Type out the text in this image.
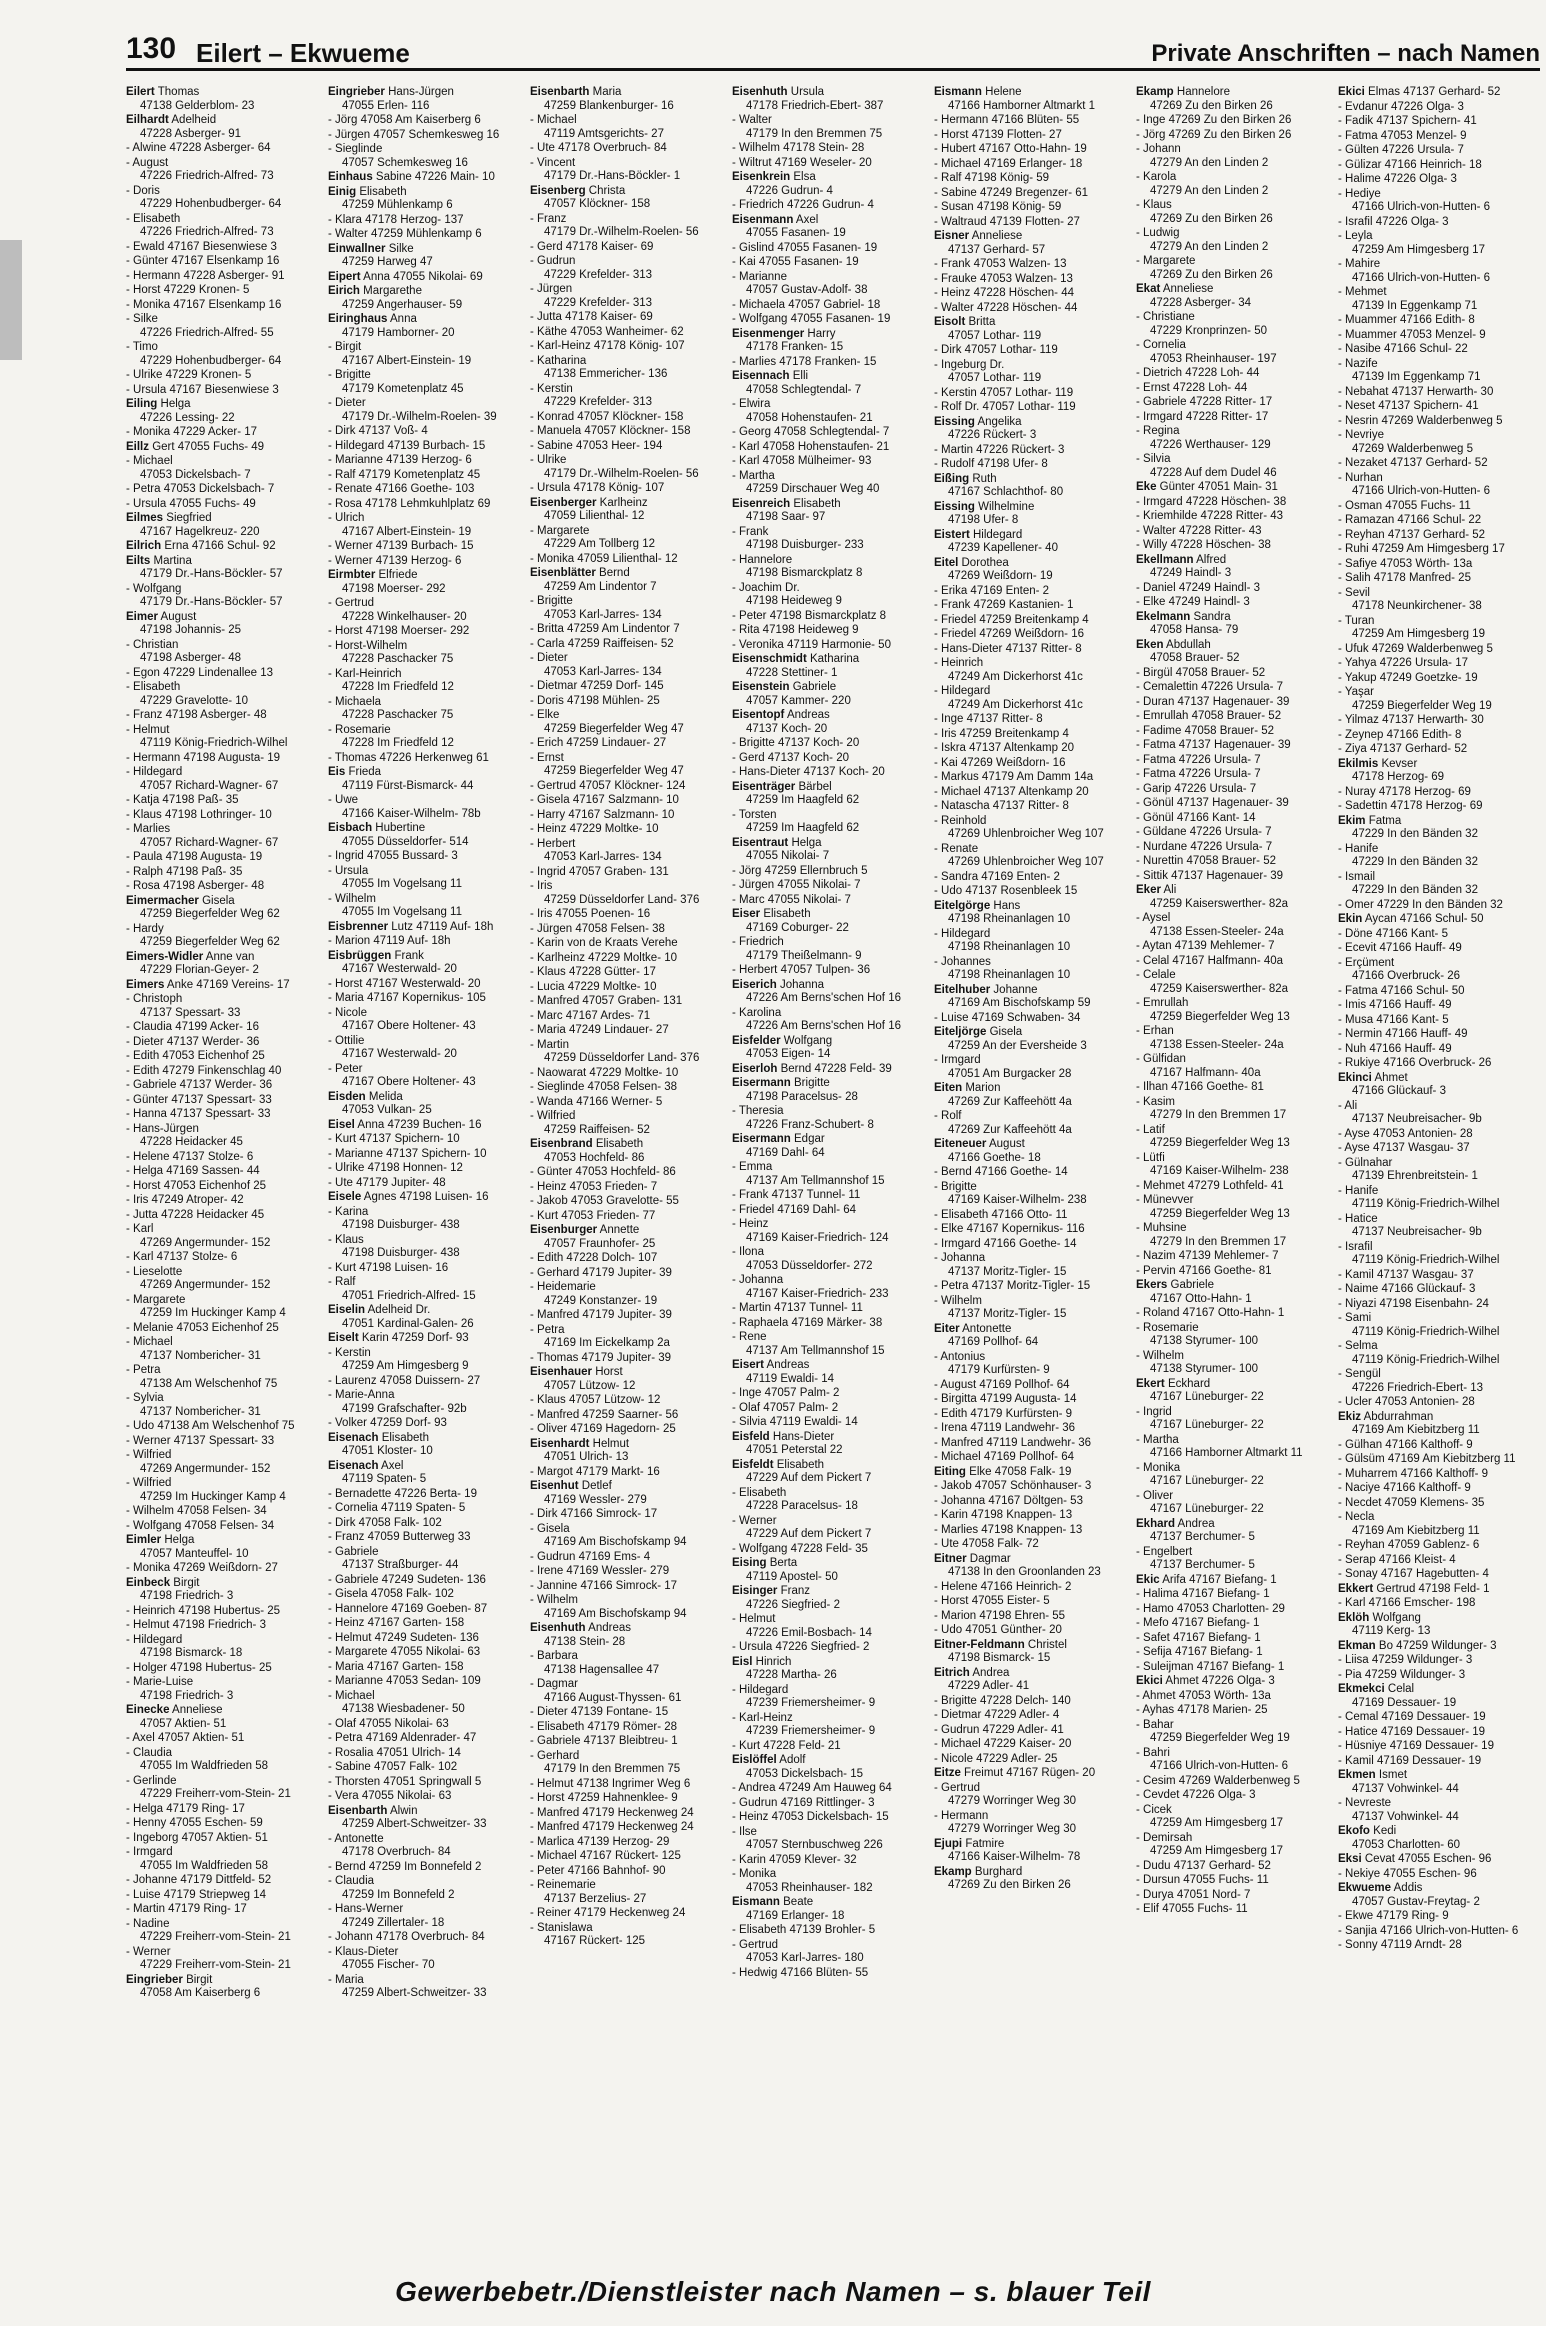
130 Eilert – Ekwueme	Private Anschriften – nach Namen
Eilert Thomas
47138 Gelderblom- 23
Eilhardt Adelheid
47228 Asberger- 91
- Alwine 47228 Asberger- 64
- August
47226 Friedrich-Alfred- 73
- Doris
47229 Hohenbudberger- 64
- Elisabeth
47226 Friedrich-Alfred- 73
- Ewald 47167 Biesenwiese 3
- Günter 47167 Elsenkamp 16
- Hermann 47228 Asberger- 91
- Horst 47229 Kronen- 5
- Monika 47167 Elsenkamp 16
- Silke
47226 Friedrich-Alfred- 55
- Timo
47229 Hohenbudberger- 64
- Ulrike 47229 Kronen- 5
- Ursula 47167 Biesenwiese 3
Eiling Helga
47226 Lessing- 22
- Monika 47229 Acker- 17
Eillz Gert 47055 Fuchs- 49
- Michael
47053 Dickelsbach- 7
- Petra 47053 Dickelsbach- 7
- Ursula 47055 Fuchs- 49
Eilmes Siegfried
47167 Hagelkreuz- 220
Eilrich Erna 47166 Schul- 92
Eilts Martina
47179 Dr.-Hans-Böckler- 57
- Wolfgang
47179 Dr.-Hans-Böckler- 57
Eimer August
47198 Johannis- 25
- Christian
47198 Asberger- 48
- Egon 47229 Lindenallee 13
- Elisabeth
47229 Gravelotte- 10
- Franz 47198 Asberger- 48
- Helmut
47119 König-Friedrich-Wilhel
- Hermann 47198 Augusta- 19
- Hildegard
47057 Richard-Wagner- 67
- Katja 47198 Paß- 35
- Klaus 47198 Lothringer- 10
- Marlies
47057 Richard-Wagner- 67
- Paula 47198 Augusta- 19
- Ralph 47198 Paß- 35
- Rosa 47198 Asberger- 48
Eimermacher Gisela
47259 Biegerfelder Weg 62
- Hardy
47259 Biegerfelder Weg 62
Eimers-Widler Anne van
47229 Florian-Geyer- 2
Eimers Anke 47169 Vereins- 17
- Christoph
47137 Spessart- 33
- Claudia 47199 Acker- 16
- Dieter 47137 Werder- 36
- Edith 47053 Eichenhof 25
- Edith 47279 Finkenschlag 40
- Gabriele 47137 Werder- 36
- Günter 47137 Spessart- 33
- Hanna 47137 Spessart- 33
- Hans-Jürgen
47228 Heidacker 45
- Helene 47137 Stolze- 6
- Helga 47169 Sassen- 44
- Horst 47053 Eichenhof 25
- Iris 47249 Atroper- 42
- Jutta 47228 Heidacker 45
- Karl
47269 Angermunder- 152
- Karl 47137 Stolze- 6
- Lieselotte
47269 Angermunder- 152
- Margarete
47259 Im Huckinger Kamp 4
- Melanie 47053 Eichenhof 25
- Michael
47137 Nombericher- 31
- Petra
47138 Am Welschenhof 75
- Sylvia
47137 Nombericher- 31
- Udo 47138 Am Welschenhof 75
- Werner 47137 Spessart- 33
- Wilfried
47269 Angermunder- 152
- Wilfried
47259 Im Huckinger Kamp 4
- Wilhelm 47058 Felsen- 34
- Wolfgang 47058 Felsen- 34
Eimler Helga
47057 Manteuffel- 10
- Monika 47269 Weißdorn- 27
Einbeck Birgit
47198 Friedrich- 3
- Heinrich 47198 Hubertus- 25
- Helmut 47198 Friedrich- 3
- Hildegard
47198 Bismarck- 18
- Holger 47198 Hubertus- 25
- Marie-Luise
47198 Friedrich- 3
Einecke Anneliese
47057 Aktien- 51
- Axel 47057 Aktien- 51
- Claudia
47055 Im Waldfrieden 58
- Gerlinde
47229 Freiherr-vom-Stein- 21
- Helga 47179 Ring- 17
- Henny 47055 Eschen- 59
- Ingeborg 47057 Aktien- 51
- Irmgard
47055 Im Waldfrieden 58
- Johanne 47179 Dittfeld- 52
- Luise 47179 Striepweg 14
- Martin 47179 Ring- 17
- Nadine
47229 Freiherr-vom-Stein- 21
- Werner
47229 Freiherr-vom-Stein- 21
Eingrieber Birgit
47058 Am Kaiserberg 6
Eingrieber Hans-Jürgen
47055 Erlen- 116
- Jörg 47058 Am Kaiserberg 6
- Jürgen 47057 Schemkesweg 16
- Sieglinde
47057 Schemkesweg 16
Einhaus Sabine 47226 Main- 10
Einig Elisabeth
47259 Mühlenkamp 6
- Klara 47178 Herzog- 137
- Walter 47259 Mühlenkamp 6
Einwallner Silke
47259 Harweg 47
Eipert Anna 47055 Nikolai- 69
Eirich Margarethe
47259 Angerhauser- 59
Eiringhaus Anna
47179 Hamborner- 20
- Birgit
47167 Albert-Einstein- 19
- Brigitte
47179 Kometenplatz 45
- Dieter
47179 Dr.-Wilhelm-Roelen- 39
- Dirk 47137 Voß- 4
- Hildegard 47139 Burbach- 15
- Marianne 47139 Herzog- 6
- Ralf 47179 Kometenplatz 45
- Renate 47166 Goethe- 103
- Rosa 47178 Lehmkuhlplatz 69
- Ulrich
47167 Albert-Einstein- 19
- Werner 47139 Burbach- 15
- Werner 47139 Herzog- 6
Eirmbter Elfriede
47198 Moerser- 292
- Gertrud
47228 Winkelhauser- 20
- Horst 47198 Moerser- 292
- Horst-Wilhelm
47228 Paschacker 75
- Karl-Heinrich
47228 Im Friedfeld 12
- Michaela
47228 Paschacker 75
- Rosemarie
47228 Im Friedfeld 12
- Thomas 47226 Herkenweg 61
Eis Frieda
47119 Fürst-Bismarck- 44
- Uwe
47166 Kaiser-Wilhelm- 78b
Eisbach Hubertine
47055 Düsseldorfer- 514
- Ingrid 47055 Bussard- 3
- Ursula
47055 Im Vogelsang 11
- Wilhelm
47055 Im Vogelsang 11
Eisbrenner Lutz 47119 Auf- 18h
- Marion 47119 Auf- 18h
Eisbrüggen Frank
47167 Westerwald- 20
- Horst 47167 Westerwald- 20
- Maria 47167 Kopernikus- 105
- Nicole
47167 Obere Holtener- 43
- Ottilie
47167 Westerwald- 20
- Peter
47167 Obere Holtener- 43
Eisden Melida
47053 Vulkan- 25
Eisel Anna 47239 Buchen- 16
- Kurt 47137 Spichern- 10
- Marianne 47137 Spichern- 10
- Ulrike 47198 Honnen- 12
- Ute 47179 Jupiter- 48
Eisele Agnes 47198 Luisen- 16
- Karina
47198 Duisburger- 438
- Klaus
47198 Duisburger- 438
- Kurt 47198 Luisen- 16
- Ralf
47051 Friedrich-Alfred- 15
Eiselin Adelheid Dr.
47051 Kardinal-Galen- 26
Eiselt Karin 47259 Dorf- 93
- Kerstin
47259 Am Himgesberg 9
- Laurenz 47058 Duissern- 27
- Marie-Anna
47199 Grafschafter- 92b
- Volker 47259 Dorf- 93
Eisenach Elisabeth
47051 Kloster- 10
Eisenach Axel
47119 Spaten- 5
- Bernadette 47226 Berta- 19
- Cornelia 47119 Spaten- 5
- Dirk 47058 Falk- 102
- Franz 47059 Butterweg 33
- Gabriele
47137 Straßburger- 44
- Gabriele 47249 Sudeten- 136
- Gisela 47058 Falk- 102
- Hannelore 47169 Goeben- 87
- Heinz 47167 Garten- 158
- Helmut 47249 Sudeten- 136
- Margarete 47055 Nikolai- 63
- Maria 47167 Garten- 158
- Marianne 47053 Sedan- 109
- Michael
47138 Wiesbadener- 50
- Olaf 47055 Nikolai- 63
- Petra 47169 Aldenrader- 47
- Rosalia 47051 Ulrich- 14
- Sabine 47057 Falk- 102
- Thorsten 47051 Springwall 5
- Vera 47055 Nikolai- 63
Eisenbarth Alwin
47259 Albert-Schweitzer- 33
- Antonette
47178 Overbruch- 84
- Bernd 47259 Im Bonnefeld 2
- Claudia
47259 Im Bonnefeld 2
- Hans-Werner
47249 Zillertaler- 18
- Johann 47178 Overbruch- 84
- Klaus-Dieter
47055 Fischer- 70
- Maria
47259 Albert-Schweitzer- 33
Eisenbarth Maria
47259 Blankenburger- 16
- Michael
47119 Amtsgerichts- 27
- Ute 47178 Overbruch- 84
- Vincent
47179 Dr.-Hans-Böckler- 1
Eisenberg Christa
47057 Klöckner- 158
- Franz
47179 Dr.-Wilhelm-Roelen- 56
- Gerd 47178 Kaiser- 69
- Gudrun
47229 Krefelder- 313
- Jürgen
47229 Krefelder- 313
- Jutta 47178 Kaiser- 69
- Käthe 47053 Wanheimer- 62
- Karl-Heinz 47178 König- 107
- Katharina
47138 Emmericher- 136
- Kerstin
47229 Krefelder- 313
- Konrad 47057 Klöckner- 158
- Manuela 47057 Klöckner- 158
- Sabine 47053 Heer- 194
- Ulrike
47179 Dr.-Wilhelm-Roelen- 56
- Ursula 47178 König- 107
Eisenberger Karlheinz
47059 Lilienthal- 12
- Margarete
47229 Am Tollberg 12
- Monika 47059 Lilienthal- 12
Eisenblätter Bernd
47259 Am Lindentor 7
- Brigitte
47053 Karl-Jarres- 134
- Britta 47259 Am Lindentor 7
- Carla 47259 Raiffeisen- 52
- Dieter
47053 Karl-Jarres- 134
- Dietmar 47259 Dorf- 145
- Doris 47198 Mühlen- 25
- Elke
47259 Biegerfelder Weg 47
- Erich 47259 Lindauer- 27
- Ernst
47259 Biegerfelder Weg 47
- Gertrud 47057 Klöckner- 124
- Gisela 47167 Salzmann- 10
- Harry 47167 Salzmann- 10
- Heinz 47229 Moltke- 10
- Herbert
47053 Karl-Jarres- 134
- Ingrid 47057 Graben- 131
- Iris
47259 Düsseldorfer Land- 376
- Iris 47055 Poenen- 16
- Jürgen 47058 Felsen- 38
- Karin von de Kraats Verehe
- Karlheinz 47229 Moltke- 10
- Klaus 47228 Gütter- 17
- Lucia 47229 Moltke- 10
- Manfred 47057 Graben- 131
- Marc 47167 Ardes- 71
- Maria 47249 Lindauer- 27
- Martin
47259 Düsseldorfer Land- 376
- Naowarat 47229 Moltke- 10
- Sieglinde 47058 Felsen- 38
- Wanda 47166 Werner- 5
- Wilfried
47259 Raiffeisen- 52
Eisenbrand Elisabeth
47053 Hochfeld- 86
- Günter 47053 Hochfeld- 86
- Heinz 47053 Frieden- 7
- Jakob 47053 Gravelotte- 55
- Kurt 47053 Frieden- 77
Eisenburger Annette
47057 Fraunhofer- 25
- Edith 47228 Dolch- 107
- Gerhard 47179 Jupiter- 39
- Heidemarie
47249 Konstanzer- 19
- Manfred 47179 Jupiter- 39
- Petra
47169 Im Eickelkamp 2a
- Thomas 47179 Jupiter- 39
Eisenhauer Horst
47057 Lützow- 12
- Klaus 47057 Lützow- 12
- Manfred 47259 Saarner- 56
- Oliver 47169 Hagedorn- 25
Eisenhardt Helmut
47051 Ulrich- 13
- Margot 47179 Markt- 16
Eisenhut Detlef
47169 Wessler- 279
- Dirk 47166 Simrock- 17
- Gisela
47169 Am Bischofskamp 94
- Gudrun 47169 Ems- 4
- Irene 47169 Wessler- 279
- Jannine 47166 Simrock- 17
- Wilhelm
47169 Am Bischofskamp 94
Eisenhuth Andreas
47138 Stein- 28
- Barbara
47138 Hagensallee 47
- Dagmar
47166 August-Thyssen- 61
- Dieter 47139 Fontane- 15
- Elisabeth 47179 Römer- 28
- Gabriele 47137 Bleibtreu- 1
- Gerhard
47179 In den Bremmen 75
- Helmut 47138 Ingrimer Weg 6
- Horst 47259 Hahnenklee- 9
- Manfred 47179 Heckenweg 24
- Manfred 47179 Heckenweg 24
- Marlica 47139 Herzog- 29
- Michael 47167 Rückert- 125
- Peter 47166 Bahnhof- 90
- Reinemarie
47137 Berzelius- 27
- Reiner 47179 Heckenweg 24
- Stanislawa
47167 Rückert- 125
Eisenhuth Ursula
47178 Friedrich-Ebert- 387
- Walter
47179 In den Bremmen 75
- Wilhelm 47178 Stein- 28
- Wiltrut 47169 Weseler- 20
Eisenkrein Elsa
47226 Gudrun- 4
- Friedrich 47226 Gudrun- 4
Eisenmann Axel
47055 Fasanen- 19
- Gislind 47055 Fasanen- 19
- Kai 47055 Fasanen- 19
- Marianne
47057 Gustav-Adolf- 38
- Michaela 47057 Gabriel- 18
- Wolfgang 47055 Fasanen- 19
Eisenmenger Harry
47178 Franken- 15
- Marlies 47178 Franken- 15
Eisennach Elli
47058 Schlegtendal- 7
- Elwira
47058 Hohenstaufen- 21
- Georg 47058 Schlegtendal- 7
- Karl 47058 Hohenstaufen- 21
- Karl 47058 Mülheimer- 93
- Martha
47259 Dirschauer Weg 40
Eisenreich Elisabeth
47198 Saar- 97
- Frank
47198 Duisburger- 233
- Hannelore
47198 Bismarckplatz 8
- Joachim Dr.
47198 Heideweg 9
- Peter 47198 Bismarckplatz 8
- Rita 47198 Heideweg 9
- Veronika 47119 Harmonie- 50
Eisenschmidt Katharina
47228 Stettiner- 1
Eisenstein Gabriele
47057 Kammer- 220
Eisentopf Andreas
47137 Koch- 20
- Brigitte 47137 Koch- 20
- Gerd 47137 Koch- 20
- Hans-Dieter 47137 Koch- 20
Eisenträger Bärbel
47259 Im Haagfeld 62
- Torsten
47259 Im Haagfeld 62
Eisentraut Helga
47055 Nikolai- 7
- Jörg 47259 Ellernbruch 5
- Jürgen 47055 Nikolai- 7
- Marc 47055 Nikolai- 7
Eiser Elisabeth
47169 Coburger- 22
- Friedrich
47179 Theißelmann- 9
- Herbert 47057 Tulpen- 36
Eiserich Johanna
47226 Am Berns'schen Hof 16
- Karolina
47226 Am Berns'schen Hof 16
Eisfelder Wolfgang
47053 Eigen- 14
Eiserloh Bernd 47228 Feld- 39
Eisermann Brigitte
47198 Paracelsus- 28
- Theresia
47226 Franz-Schubert- 8
Eisermann Edgar
47169 Dahl- 64
- Emma
47137 Am Tellmannshof 15
- Frank 47137 Tunnel- 11
- Friedel 47169 Dahl- 64
- Heinz
47169 Kaiser-Friedrich- 124
- Ilona
47053 Düsseldorfer- 272
- Johanna
47167 Kaiser-Friedrich- 233
- Martin 47137 Tunnel- 11
- Raphaela 47169 Märker- 38
- Rene
47137 Am Tellmannshof 15
Eisert Andreas
47119 Ewaldi- 14
- Inge 47057 Palm- 2
- Olaf 47057 Palm- 2
- Silvia 47119 Ewaldi- 14
Eisfeld Hans-Dieter
47051 Peterstal 22
Eisfeldt Elisabeth
47229 Auf dem Pickert 7
- Elisabeth
47228 Paracelsus- 18
- Werner
47229 Auf dem Pickert 7
- Wolfgang 47228 Feld- 35
Eising Berta
47119 Apostel- 50
Eisinger Franz
47226 Siegfried- 2
- Helmut
47226 Emil-Bosbach- 14
- Ursula 47226 Siegfried- 2
Eisl Hinrich
47228 Martha- 26
- Hildegard
47239 Friemersheimer- 9
- Karl-Heinz
47239 Friemersheimer- 9
- Kurt 47228 Feld- 21
Eislöffel Adolf
47053 Dickelsbach- 15
- Andrea 47249 Am Hauweg 64
- Gudrun 47169 Rittlinger- 3
- Heinz 47053 Dickelsbach- 15
- Ilse
47057 Sternbuschweg 226
- Karin 47059 Klever- 32
- Monika
47053 Rheinhauser- 182
Eismann Beate
47169 Erlanger- 18
- Elisabeth 47139 Brohler- 5
- Gertrud
47053 Karl-Jarres- 180
- Hedwig 47166 Blüten- 55
Eismann Helene
47166 Hamborner Altmarkt 1
- Hermann 47166 Blüten- 55
- Horst 47139 Flotten- 27
- Hubert 47167 Otto-Hahn- 19
- Michael 47169 Erlanger- 18
- Ralf 47198 König- 59
- Sabine 47249 Bregenzer- 61
- Susan 47198 König- 59
- Waltraud 47139 Flotten- 27
Eisner Anneliese
47137 Gerhard- 57
- Frank 47053 Walzen- 13
- Frauke 47053 Walzen- 13
- Heinz 47228 Höschen- 44
- Walter 47228 Höschen- 44
Eisolt Britta
47057 Lothar- 119
- Dirk 47057 Lothar- 119
- Ingeburg Dr.
47057 Lothar- 119
- Kerstin 47057 Lothar- 119
- Rolf Dr. 47057 Lothar- 119
Eissing Angelika
47226 Rückert- 3
- Martin 47226 Rückert- 3
- Rudolf 47198 Ufer- 8
Eißing Ruth
47167 Schlachthof- 80
Eissing Wilhelmine
47198 Ufer- 8
Eistert Hildegard
47239 Kapellener- 40
Eitel Dorothea
47269 Weißdorn- 19
- Erika 47169 Enten- 2
- Frank 47269 Kastanien- 1
- Friedel 47259 Breitenkamp 4
- Friedel 47269 Weißdorn- 16
- Hans-Dieter 47137 Ritter- 8
- Heinrich
47249 Am Dickerhorst 41c
- Hildegard
47249 Am Dickerhorst 41c
- Inge 47137 Ritter- 8
- Iris 47259 Breitenkamp 4
- Iskra 47137 Altenkamp 20
- Kai 47269 Weißdorn- 16
- Markus 47179 Am Damm 14a
- Michael 47137 Altenkamp 20
- Natascha 47137 Ritter- 8
- Reinhold
47269 Uhlenbroicher Weg 107
- Renate
47269 Uhlenbroicher Weg 107
- Sandra 47169 Enten- 2
- Udo 47137 Rosenbleek 15
Eitelgörge Hans
47198 Rheinanlagen 10
- Hildegard
47198 Rheinanlagen 10
- Johannes
47198 Rheinanlagen 10
Eitelhuber Johanne
47169 Am Bischofskamp 59
- Luise 47169 Schwaben- 34
Eiteljörge Gisela
47259 An der Eversheide 3
- Irmgard
47051 Am Burgacker 28
Eiten Marion
47269 Zur Kaffeehött 4a
- Rolf
47269 Zur Kaffeehött 4a
Eiteneuer August
47166 Goethe- 18
- Bernd 47166 Goethe- 14
- Brigitte
47169 Kaiser-Wilhelm- 238
- Elisabeth 47166 Otto- 11
- Elke 47167 Kopernikus- 116
- Irmgard 47166 Goethe- 14
- Johanna
47137 Moritz-Tigler- 15
- Petra 47137 Moritz-Tigler- 15
- Wilhelm
47137 Moritz-Tigler- 15
Eiter Antonette
47169 Pollhof- 64
- Antonius
47179 Kurfürsten- 9
- August 47169 Pollhof- 64
- Birgitta 47199 Augusta- 14
- Edith 47179 Kurfürsten- 9
- Irena 47119 Landwehr- 36
- Manfred 47119 Landwehr- 36
- Michael 47169 Pollhof- 64
Eiting Elke 47058 Falk- 19
- Jakob 47057 Schönhauser- 3
- Johanna 47167 Döltgen- 53
- Karin 47198 Knappen- 13
- Marlies 47198 Knappen- 13
- Ute 47058 Falk- 72
Eitner Dagmar
47138 In den Groonlanden 23
- Helene 47166 Heinrich- 2
- Horst 47055 Eister- 5
- Marion 47198 Ehren- 55
- Udo 47051 Günther- 20
Eitner-Feldmann Christel
47198 Bismarck- 15
Eitrich Andrea
47229 Adler- 41
- Brigitte 47228 Delch- 140
- Dietmar 47229 Adler- 4
- Gudrun 47229 Adler- 41
- Michael 47229 Kaiser- 20
- Nicole 47229 Adler- 25
Eitze Freimut 47167 Rügen- 20
- Gertrud
47279 Worringer Weg 30
- Hermann
47279 Worringer Weg 30
Ejupi Fatmire
47166 Kaiser-Wilhelm- 78
Ekamp Burghard
47269 Zu den Birken 26
Ekamp Hannelore
47269 Zu den Birken 26
- Inge 47269 Zu den Birken 26
- Jörg 47269 Zu den Birken 26
- Johann
47279 An den Linden 2
- Karola
47279 An den Linden 2
- Klaus
47269 Zu den Birken 26
- Ludwig
47279 An den Linden 2
- Margarete
47269 Zu den Birken 26
Ekat Anneliese
47228 Asberger- 34
- Christiane
47229 Kronprinzen- 50
- Cornelia
47053 Rheinhauser- 197
- Dietrich 47228 Loh- 44
- Ernst 47228 Loh- 44
- Gabriele 47228 Ritter- 17
- Irmgard 47228 Ritter- 17
- Regina
47226 Werthauser- 129
- Silvia
47228 Auf dem Dudel 46
Eke Günter 47051 Main- 31
- Irmgard 47228 Höschen- 38
- Kriemhilde 47228 Ritter- 43
- Walter 47228 Ritter- 43
- Willy 47228 Höschen- 38
Ekellmann Alfred
47249 Haindl- 3
- Daniel 47249 Haindl- 3
- Elke 47249 Haindl- 3
Ekelmann Sandra
47058 Hansa- 79
Eken Abdullah
47058 Brauer- 52
- Birgül 47058 Brauer- 52
- Cemalettin 47226 Ursula- 7
- Duran 47137 Hagenauer- 39
- Emrullah 47058 Brauer- 52
- Fadime 47058 Brauer- 52
- Fatma 47137 Hagenauer- 39
- Fatma 47226 Ursula- 7
- Fatma 47226 Ursula- 7
- Garip 47226 Ursula- 7
- Gönül 47137 Hagenauer- 39
- Gönül 47166 Kant- 14
- Güldane 47226 Ursula- 7
- Nurdane 47226 Ursula- 7
- Nurettin 47058 Brauer- 52
- Sittik 47137 Hagenauer- 39
Eker Ali
47259 Kaiserswerther- 82a
- Aysel
47138 Essen-Steeler- 24a
- Aytan 47139 Mehlemer- 7
- Celal 47167 Halfmann- 40a
- Celale
47259 Kaiserswerther- 82a
- Emrullah
47259 Biegerfelder Weg 13
- Erhan
47138 Essen-Steeler- 24a
- Gülfidan
47167 Halfmann- 40a
- Ilhan 47166 Goethe- 81
- Kasim
47279 In den Bremmen 17
- Latif
47259 Biegerfelder Weg 13
- Lütfi
47169 Kaiser-Wilhelm- 238
- Mehmet 47279 Lothfeld- 41
- Münevver
47259 Biegerfelder Weg 13
- Muhsine
47279 In den Bremmen 17
- Nazim 47139 Mehlemer- 7
- Pervin 47166 Goethe- 81
Ekers Gabriele
47167 Otto-Hahn- 1
- Roland 47167 Otto-Hahn- 1
- Rosemarie
47138 Styrumer- 100
- Wilhelm
47138 Styrumer- 100
Ekert Eckhard
47167 Lüneburger- 22
- Ingrid
47167 Lüneburger- 22
- Martha
47166 Hamborner Altmarkt 11
- Monika
47167 Lüneburger- 22
- Oliver
47167 Lüneburger- 22
Ekhard Andrea
47137 Berchumer- 5
- Engelbert
47137 Berchumer- 5
Ekic Arifa 47167 Biefang- 1
- Halima 47167 Biefang- 1
- Hamo 47053 Charlotten- 29
- Mefo 47167 Biefang- 1
- Safet 47167 Biefang- 1
- Sefija 47167 Biefang- 1
- Suleijman 47167 Biefang- 1
Ekici Ahmet 47226 Olga- 3
- Ahmet 47053 Wörth- 13a
- Ayhas 47178 Marien- 25
- Bahar
47259 Biegerfelder Weg 19
- Bahri
47166 Ulrich-von-Hutten- 6
- Cesim 47269 Walderbenweg 5
- Cevdet 47226 Olga- 3
- Cicek
47259 Am Himgesberg 17
- Demirsah
47259 Am Himgesberg 17
- Dudu 47137 Gerhard- 52
- Dursun 47055 Fuchs- 11
- Durya 47051 Nord- 7
- Elif 47055 Fuchs- 11
Ekici Elmas 47137 Gerhard- 52
- Evdanur 47226 Olga- 3
- Fadik 47137 Spichern- 41
- Fatma 47053 Menzel- 9
- Gülten 47226 Ursula- 7
- Gülizar 47166 Heinrich- 18
- Halime 47226 Olga- 3
- Hediye
47166 Ulrich-von-Hutten- 6
- Israfil 47226 Olga- 3
- Leyla
47259 Am Himgesberg 17
- Mahire
47166 Ulrich-von-Hutten- 6
- Mehmet
47139 In Eggenkamp 71
- Muammer 47166 Edith- 8
- Muammer 47053 Menzel- 9
- Nasibe 47166 Schul- 22
- Nazife
47139 Im Eggenkamp 71
- Nebahat 47137 Herwarth- 30
- Neset 47137 Spichern- 41
- Nesrin 47269 Walderbenweg 5
- Nevriye
47269 Walderbenweg 5
- Nezaket 47137 Gerhard- 52
- Nurhan
47166 Ulrich-von-Hutten- 6
- Osman 47055 Fuchs- 11
- Ramazan 47166 Schul- 22
- Reyhan 47137 Gerhard- 52
- Ruhi 47259 Am Himgesberg 17
- Safiye 47053 Wörth- 13a
- Salih 47178 Manfred- 25
- Sevil
47178 Neunkirchener- 38
- Turan
47259 Am Himgesberg 19
- Ufuk 47269 Walderbenweg 5
- Yahya 47226 Ursula- 17
- Yakup 47249 Goetzke- 19
- Yaşar
47259 Biegerfelder Weg 19
- Yilmaz 47137 Herwarth- 30
- Zeynep 47166 Edith- 8
- Ziya 47137 Gerhard- 52
Ekilmis Kevser
47178 Herzog- 69
- Nuray 47178 Herzog- 69
- Sadettin 47178 Herzog- 69
Ekim Fatma
47229 In den Bänden 32
- Hanife
47229 In den Bänden 32
- Ismail
47229 In den Bänden 32
- Ömer 47229 In den Bänden 32
Ekin Aycan 47166 Schul- 50
- Döne 47166 Kant- 5
- Ecevit 47166 Hauff- 49
- Erçüment
47166 Overbruck- 26
- Fatma 47166 Schul- 50
- Imis 47166 Hauff- 49
- Musa 47166 Kant- 5
- Nermin 47166 Hauff- 49
- Nuh 47166 Hauff- 49
- Rukiye 47166 Overbruck- 26
Ekinci Ahmet
47166 Glückauf- 3
- Ali
47137 Neubreisacher- 9b
- Ayse 47053 Antonien- 28
- Ayse 47137 Wasgau- 37
- Gülnahar
47139 Ehrenbreitstein- 1
- Hanife
47119 König-Friedrich-Wilhel
- Hatice
47137 Neubreisacher- 9b
- Israfil
47119 König-Friedrich-Wilhel
- Kamil 47137 Wasgau- 37
- Naime 47166 Glückauf- 3
- Niyazi 47198 Eisenbahn- 24
- Sami
47119 König-Friedrich-Wilhel
- Selma
47119 König-Friedrich-Wilhel
- Sengül
47226 Friedrich-Ebert- 13
- Ücler 47053 Antonien- 28
Ekiz Abdurrahman
47169 Am Kiebitzberg 11
- Gülhan 47166 Kalthoff- 9
- Gülsüm 47169 Am Kiebitzberg 11
- Muharrem 47166 Kalthoff- 9
- Naciye 47166 Kalthoff- 9
- Necdet 47059 Klemens- 35
- Necla
47169 Am Kiebitzberg 11
- Reyhan 47059 Gablenz- 6
- Serap 47166 Kleist- 4
- Sonay 47167 Hagebutten- 4
Ekkert Gertrud 47198 Feld- 1
- Karl 47166 Emscher- 198
Eklöh Wolfgang
47119 Kerg- 13
Ekman Bo 47259 Wildunger- 3
- Liisa 47259 Wildunger- 3
- Pia 47259 Wildunger- 3
Ekmekci Celal
47169 Dessauer- 19
- Cemal 47169 Dessauer- 19
- Hatice 47169 Dessauer- 19
- Hüsniye 47169 Dessauer- 19
- Kamil 47169 Dessauer- 19
Ekmen Ismet
47137 Vohwinkel- 44
- Nevreste
47137 Vohwinkel- 44
Ekofo Kedi
47053 Charlotten- 60
Eksi Cevat 47055 Eschen- 96
- Nekiye 47055 Eschen- 96
Ekwueme Addis
47057 Gustav-Freytag- 2
- Ekwe 47179 Ring- 9
- Sanjia 47166 Ulrich-von-Hutten- 6
- Sonny 47119 Arndt- 28
Gewerbebetr./Dienstleister nach Namen – s. blauer Teil
